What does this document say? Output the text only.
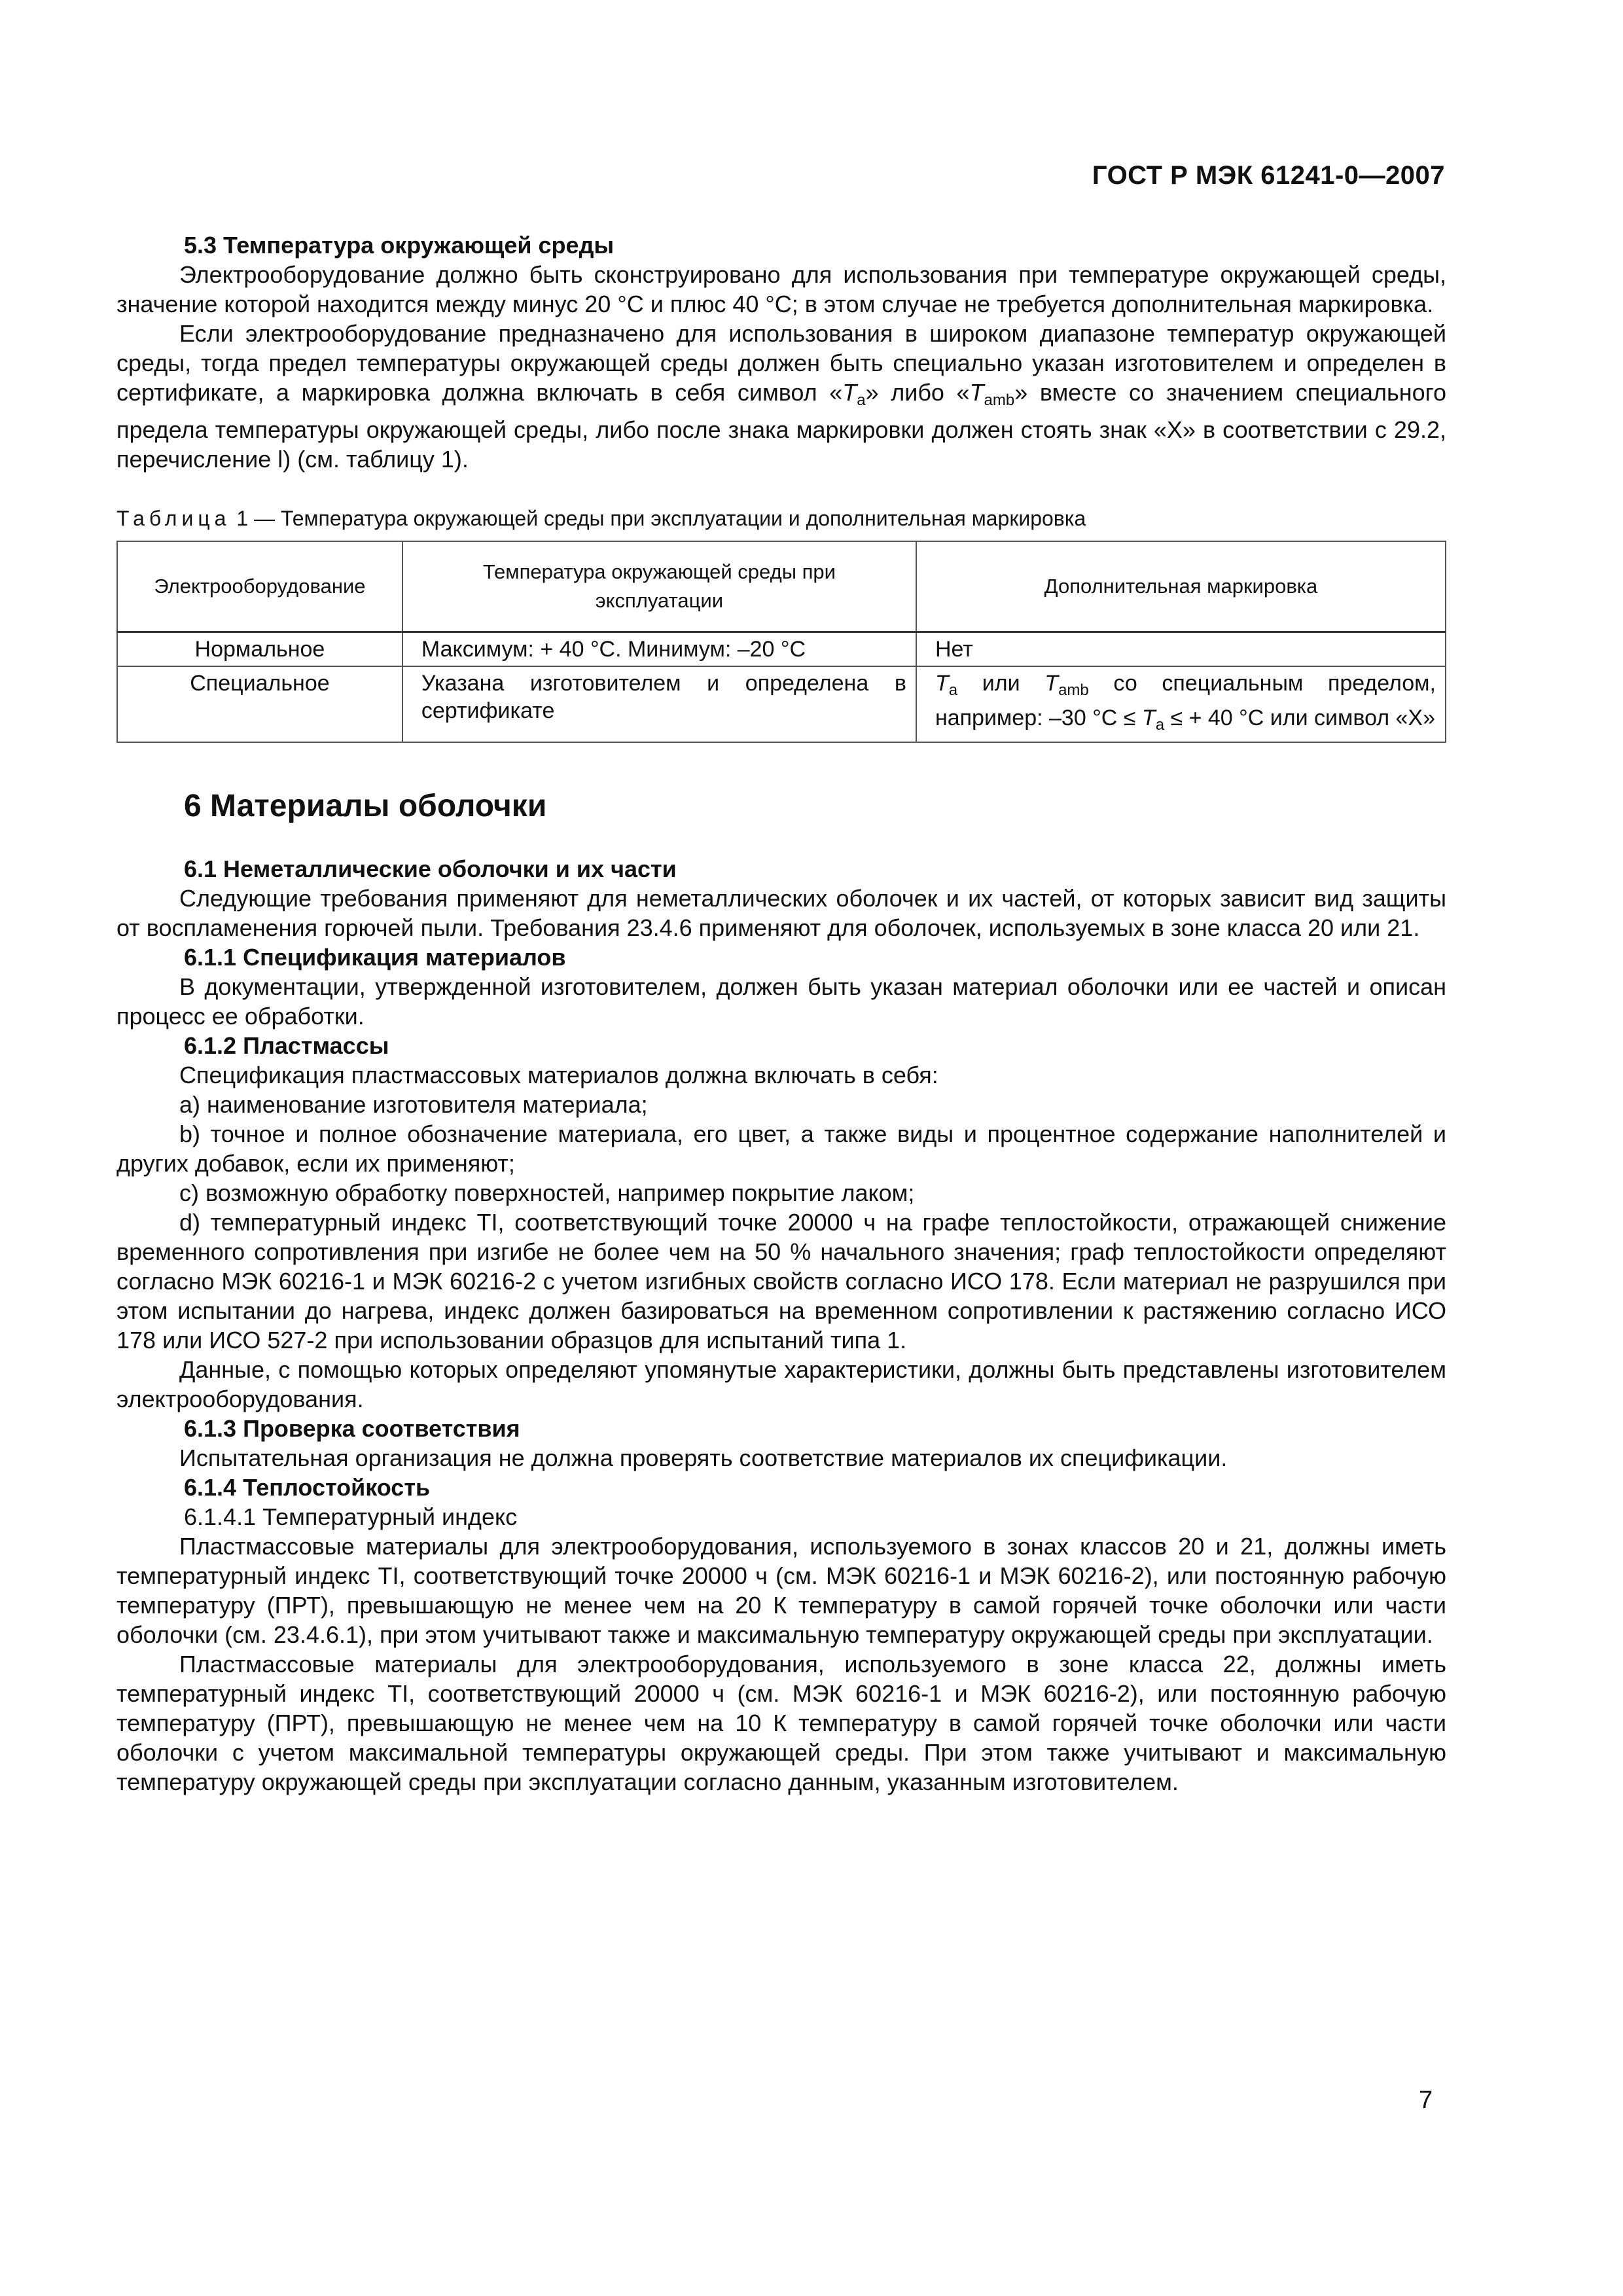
ГОСТ Р МЭК 61241-0—2007
5.3 Температура окружающей среды

Электрооборудование должно быть сконструировано для использования при температуре окружающей среды, значение которой находится между минус 20 °С и плюс 40 °С; в этом случае не требуется дополнительная маркировка.

Если электрооборудование предназначено для использования в широком диапазоне температур окружающей среды, тогда предел температуры окружающей среды должен быть специально указан изготовителем и определен в сертификате, а маркировка должна включать в себя символ «$T_a$» либо «$T_{amb}$» вместе со значением специального предела температуры окружающей среды, либо после знака маркировки должен стоять знак «X» в соответствии с 29.2, перечисление l) (см. таблицу 1).

Таблица 1 — Температура окружающей среды при эксплуатации и дополнительная маркировка
Электрооборудование	Температура окружающей среды при эксплуатации	Дополнительная маркировка
Нормальное	Максимум: + 40 °С. Минимум: –20 °С	Нет
Специальное	Указана изготовителем и определена в сертификате	$T_a$ или $T_{amb}$ со специальным пределом, например: –30 $^\circ С \le T_a$ ≤ + 40 °С или символ «X»
6 Материалы оболочки
6.1 Неметаллические оболочки и их части

Следующие требования применяют для неметаллических оболочек и их частей, от которых зависит вид защиты от воспламенения горючей пыли. Требования 23.4.6 применяют для оболочек, используемых в зоне класса 20 или 21.

6.1.1 Спецификация материалов

В документации, утвержденной изготовителем, должен быть указан материал оболочки или ее частей и описан процесс ее обработки.

6.1.2 Пластмассы

Спецификация пластмассовых материалов должна включать в себя:

а) наименование изготовителя материала;

b) точное и полное обозначение материала, его цвет, а также виды и процентное содержание наполнителей и других добавок, если их применяют;

с) возможную обработку поверхностей, например покрытие лаком;

d) температурный индекс TI, соответствующий точке 20000 ч на графе теплостойкости, отражающей снижение временного сопротивления при изгибе не более чем на 50 % начального значения; граф теплостойкости определяют согласно МЭК 60216-1 и МЭК 60216-2 с учетом изгибных свойств согласно ИСО 178. Если материал не разрушился при этом испытании до нагрева, индекс должен базироваться на временном сопротивлении к растяжению согласно ИСО 178 или ИСО 527-2 при использовании образцов для испытаний типа 1.

Данные, с помощью которых определяют упомянутые характеристики, должны быть представлены изготовителем электрооборудования.

6.1.3 Проверка соответствия

Испытательная организация не должна проверять соответствие материалов их спецификации.

6.1.4 Теплостойкость
6.1.4.1 Температурный индекс

Пластмассовые материалы для электрооборудования, используемого в зонах классов 20 и 21, должны иметь температурный индекс TI, соответствующий точке 20000 ч (см. МЭК 60216-1 и МЭК 60216-2), или постоянную рабочую температуру (ПРТ), превышающую не менее чем на 20 К температуру в самой горячей точке оболочки или части оболочки (см. 23.4.6.1), при этом учитывают также и максимальную температуру окружающей среды при эксплуатации.

Пластмассовые материалы для электрооборудования, используемого в зоне класса 22, должны иметь температурный индекс TI, соответствующий 20000 ч (см. МЭК 60216-1 и МЭК 60216-2), или постоянную рабочую температуру (ПРТ), превышающую не менее чем на 10 К температуру в самой горячей точке оболочки или части оболочки с учетом максимальной температуры окружающей среды. При этом также учитывают и максимальную температуру окружающей среды при эксплуатации согласно данным, указанным изготовителем.

7
